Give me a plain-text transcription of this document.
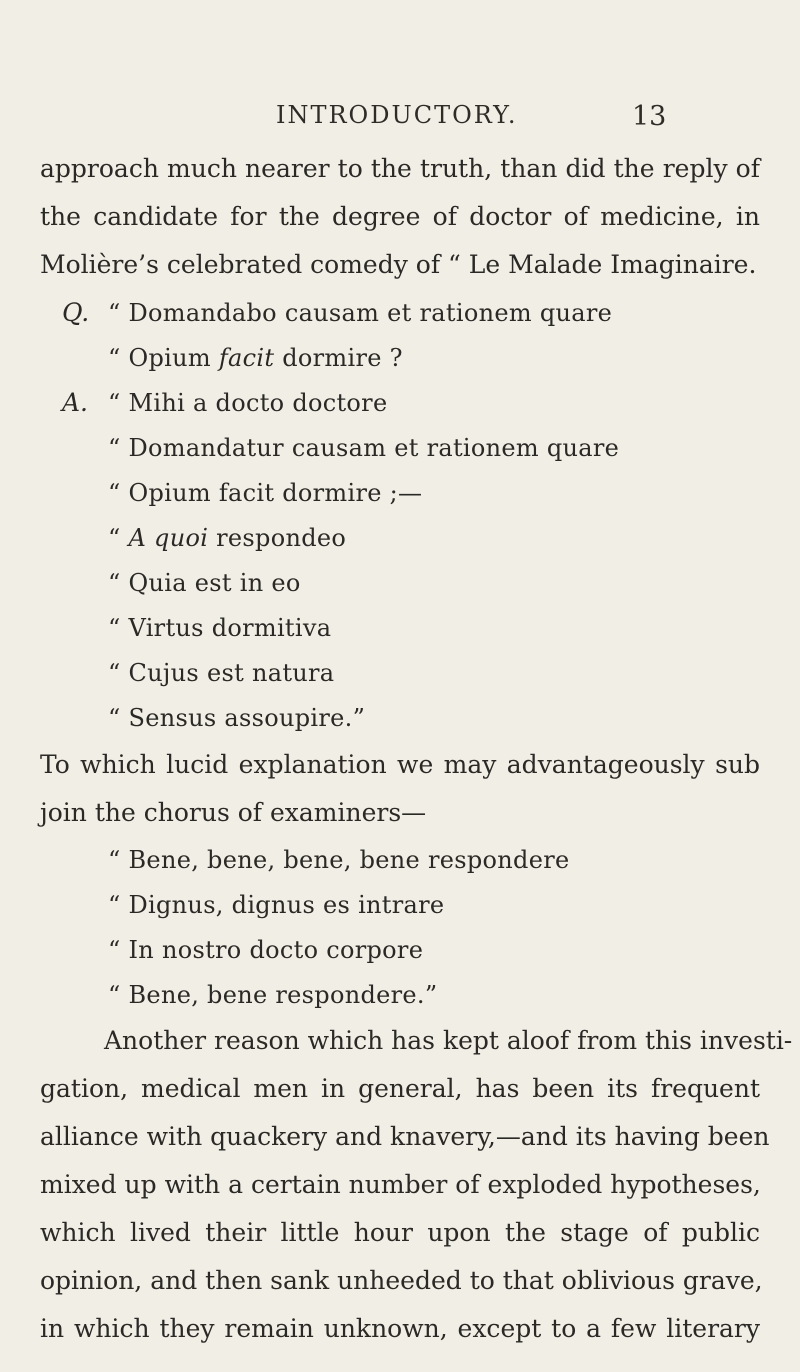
INTRODUCTORY.	13
approach much nearer to the truth, than did the reply of
the candidate for the degree of doctor of medicine, in
Molière’s celebrated comedy of “ Le Malade Imaginaire.
Q. “ Domandabo causam et rationem quare
“ Opium facit dormire ?
A. “ Mihi a docto doctore
“ Domandatur causam et rationem quare
“ Opium facit dormire ;—
“ A quoi respondeo
“ Quia est in eo
“ Virtus dormitiva
“ Cujus est natura
“ Sensus assoupire.”
To which lucid explanation we may advantageously sub
join the chorus of examiners—
“ Bene, bene, bene, bene respondere
“ Dignus, dignus es intrare
“ In nostro docto corpore
“ Bene, bene respondere.”
Another reason which has kept aloof from this investi-
gation, medical men in general, has been its frequent
alliance with quackery and knavery,—and its having been
mixed up with a certain number of exploded hypotheses,
which lived their little hour upon the stage of public
opinion, and then sank unheeded to that oblivious grave,
in which they remain unknown, except to a few literary
